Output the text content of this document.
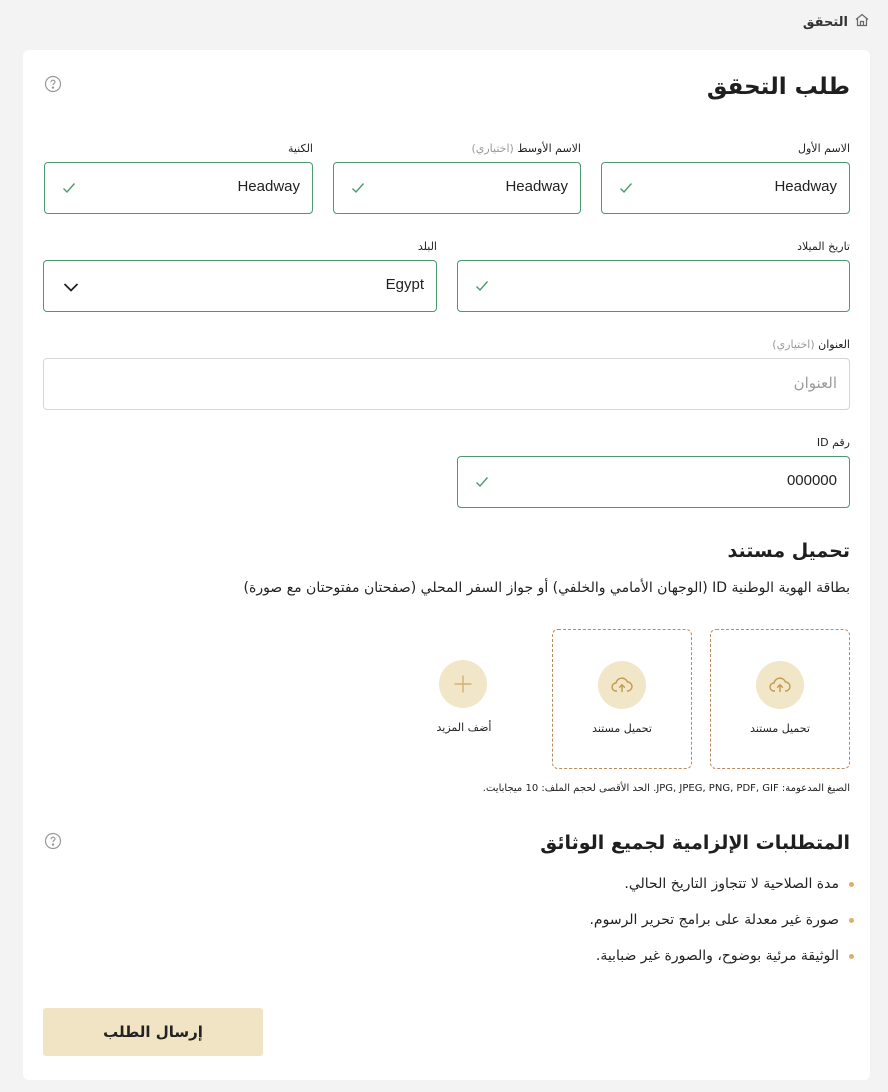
التحقق
طلب التحقق
الاسم الأول
Headway
الاسم الأوسط (اختياري)
Headway
الكنية
Headway
تاريخ الميلاد
البلد
Egypt
العنوان (اختياري)
العنوان
رقم ID
000000
تحميل مستند
بطاقة الهوية الوطنية ID (الوجهان الأمامي والخلفي) أو جواز السفر المحلي (صفحتان مفتوحتان مع صورة)
تحميل مستند
تحميل مستند
أضف المزيد
الصيغ المدعومة: JPG, JPEG, PNG, PDF, GIF. الحد الأقصى لحجم الملف: 10 ميجابايت.
المتطلبات الإلزامية لجميع الوثائق
مدة الصلاحية لا تتجاوز التاريخ الحالي.
صورة غير معدلة على برامج تحرير الرسوم.
الوثيقة مرئية بوضوح، والصورة غير ضبابية.
إرسال الطلب
